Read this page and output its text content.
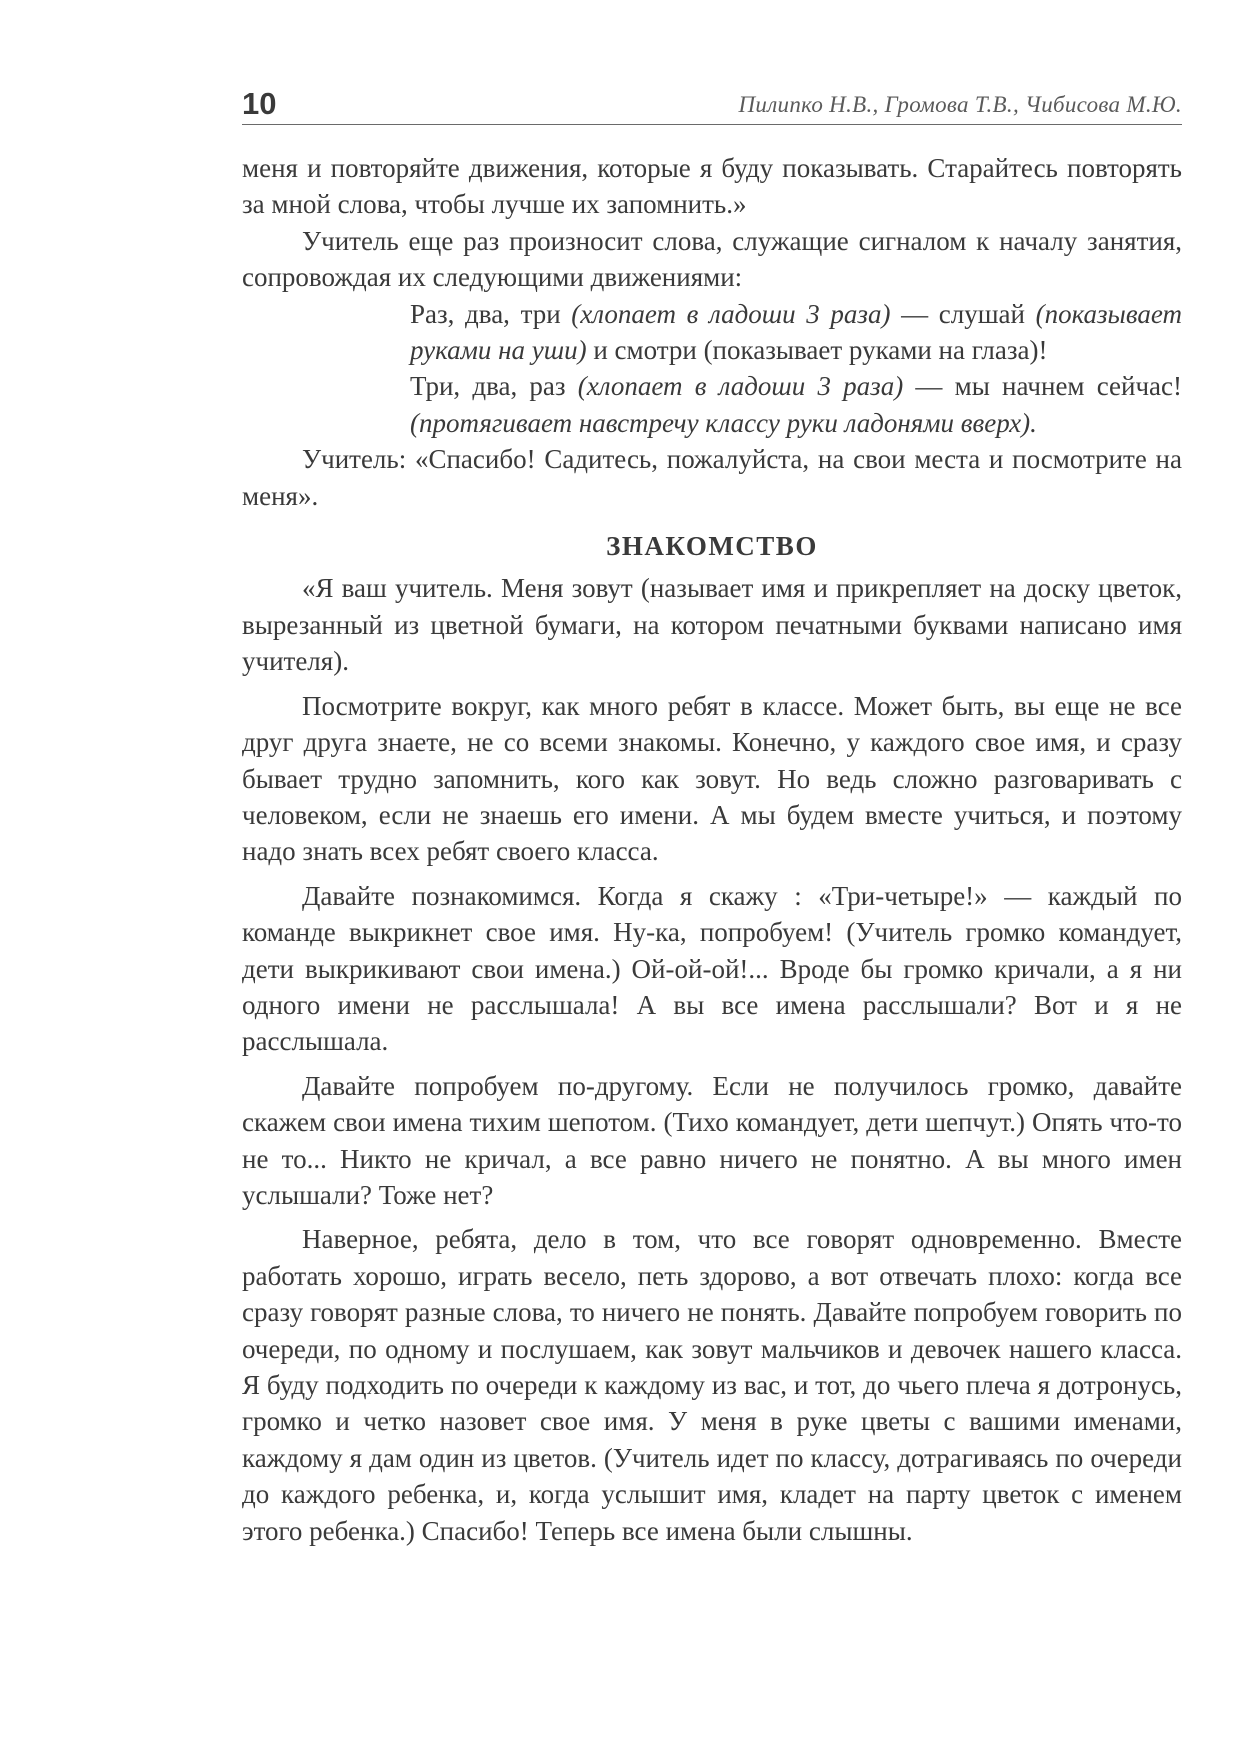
10	Пилипко Н.В., Громова Т.В., Чибисова М.Ю.

меня и повторяйте движения, которые я буду показывать. Старайтесь повторять за мной слова, чтобы лучше их запомнить.»

Учитель еще раз произносит слова, служащие сигналом к началу занятия, сопровождая их следующими движениями:

Раз, два, три (хлопает в ладоши 3 раза) — слушай (показывает руками на уши) и смотри (показывает руками на глаза)!

Три, два, раз (хлопает в ладоши 3 раза) — мы начнем сейчас! (протягивает навстречу классу руки ладонями вверх).

Учитель: «Спасибо! Садитесь, пожалуйста, на свои места и посмотрите на меня».

ЗНАКОМСТВО

«Я ваш учитель. Меня зовут (называет имя и прикрепляет на доску цветок, вырезанный из цветной бумаги, на котором печатными буквами написано имя учителя).

Посмотрите вокруг, как много ребят в классе. Может быть, вы еще не все друг друга знаете, не со всеми знакомы. Конечно, у каждого свое имя, и сразу бывает трудно запомнить, кого как зовут. Но ведь сложно разговаривать с человеком, если не знаешь его имени. А мы будем вместе учиться, и поэтому надо знать всех ребят своего класса.

Давайте познакомимся. Когда я скажу : «Три-четыре!» — каждый по команде выкрикнет свое имя. Ну-ка, попробуем! (Учитель громко командует, дети выкрикивают свои имена.) Ой-ой-ой!... Вроде бы громко кричали, а я ни одного имени не расслышала! А вы все имена расслышали? Вот и я не расслышала.

Давайте попробуем по-другому. Если не получилось громко, давайте скажем свои имена тихим шепотом. (Тихо командует, дети шепчут.) Опять что-то не то... Никто не кричал, а все равно ничего не понятно. А вы много имен услышали? Тоже нет?

Наверное, ребята, дело в том, что все говорят одновременно. Вместе работать хорошо, играть весело, петь здорово, а вот отвечать плохо: когда все сразу говорят разные слова, то ничего не понять. Давайте попробуем говорить по очереди, по одному и послушаем, как зовут мальчиков и девочек нашего класса. Я буду подходить по очереди к каждому из вас, и тот, до чьего плеча я дотронусь, громко и четко назовет свое имя. У меня в руке цветы с вашими именами, каждому я дам один из цветов. (Учитель идет по классу, дотрагиваясь по очереди до каждого ребенка, и, когда услышит имя, кладет на парту цветок с именем этого ребенка.) Спасибо! Теперь все имена были слышны.
